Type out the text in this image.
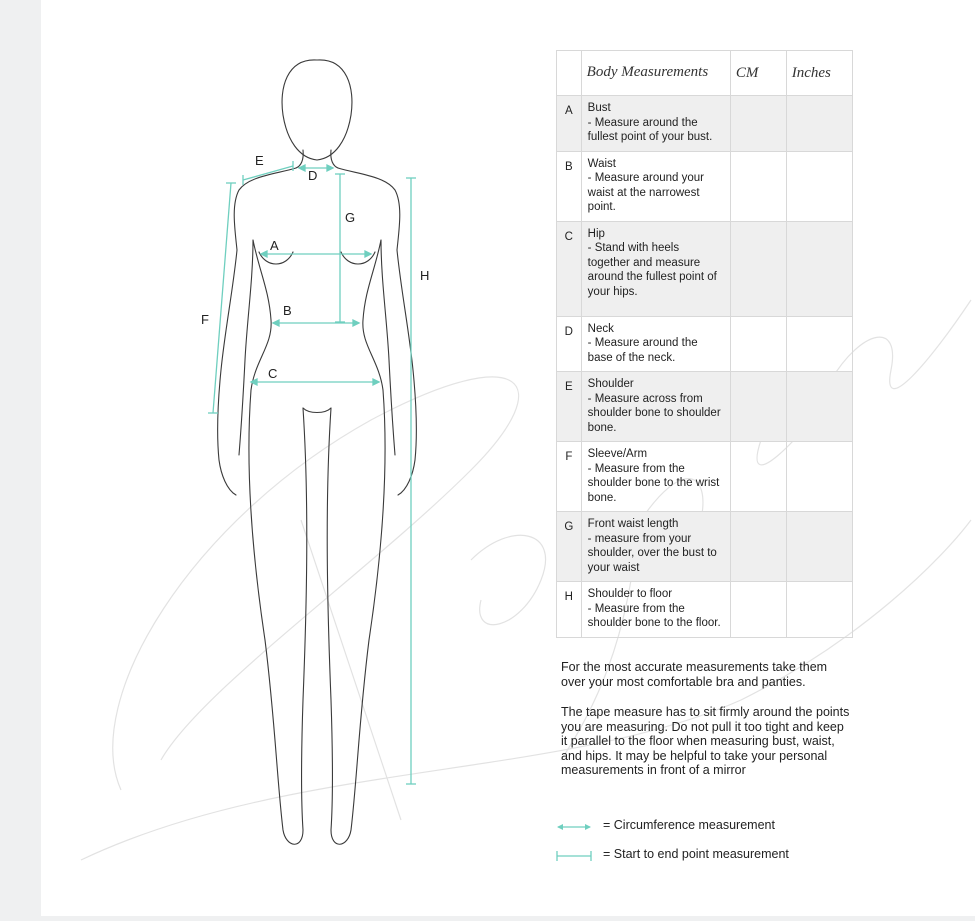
E
D
G
A
H
B
F
C
	Body Measurements	CM	Inches
A	Bust
- Measure around the
fullest point of your bust.		

B	Waist
- Measure around your
waist at the narrowest
point.		

C	Hip
- Stand with heels
together and measure
around the fullest point of
your hips.		

D	Neck
- Measure around the
base of the neck.		

E	Shoulder
- Measure across from
shoulder bone to shoulder
bone.		

F	Sleeve/Arm
- Measure from the
shoulder bone to the wrist
bone.		

G	Front waist length
- measure from your
shoulder, over the bust to
your waist		

H	Shoulder to floor
- Measure from the
shoulder bone to the floor.		

For the most accurate measurements take them over your most comfortable bra and panties.

The tape measure has to sit firmly around the points you are measuring. Do not pull it too tight and keep it parallel to the floor when measuring bust, waist, and hips. It may be helpful to take your personal measurements in front of a mirror

= Circumference measurement
= Start to end point measurement
